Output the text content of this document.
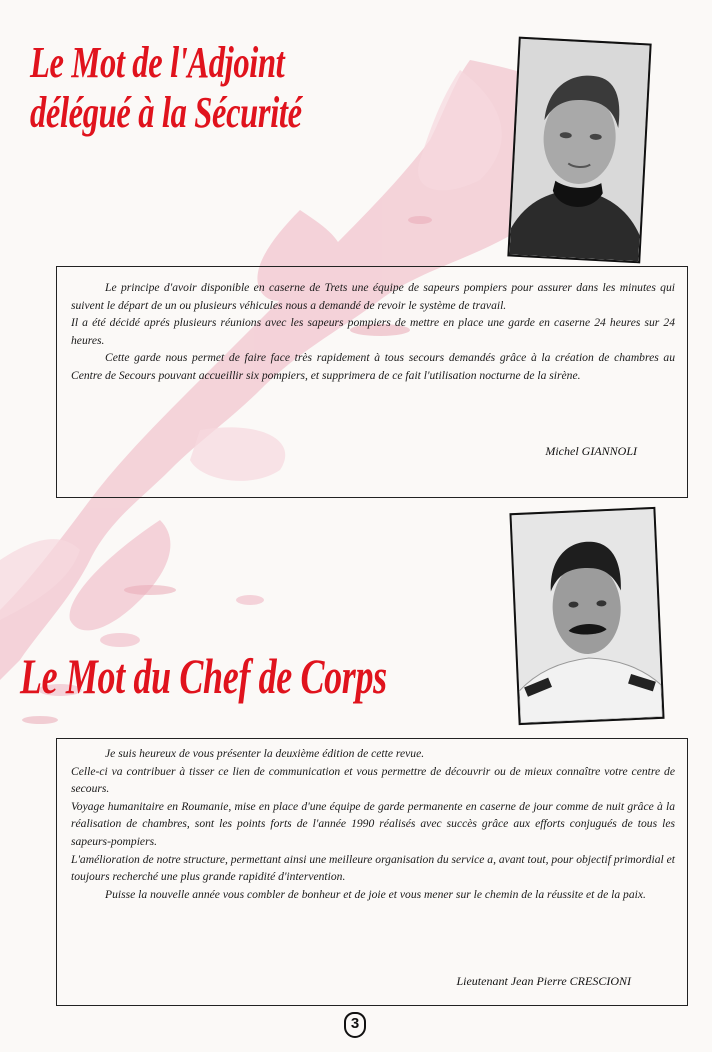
Le Mot de l'Adjoint
délégué à la Sécurité

Le principe d'avoir disponible en caserne de Trets une équipe de sapeurs pompiers pour assurer dans les minutes qui suivent le départ de un ou plusieurs véhicules nous a demandé de revoir le système de travail.

Il a été décidé aprés plusieurs réunions avec les sapeurs pompiers de mettre en place une garde en caserne 24 heures sur 24 heures.

Cette garde nous permet de faire face très rapidement à tous secours demandés grâce à la création de chambres au Centre de Secours pouvant accueillir six pompiers, et supprimera de ce fait l'utilisation nocturne de la sirène.

Michel GIANNOLI
Le Mot du Chef de Corps

Je suis heureux de vous présenter la deuxième édition de cette revue.

Celle-ci va contribuer à tisser ce lien de communication et vous permettre de découvrir ou de mieux connaître votre centre de secours.

Voyage humanitaire en Roumanie, mise en place d'une équipe de garde permanente en caserne de jour comme de nuit grâce à la réalisation de chambres, sont les points forts de l'année 1990 réalisés avec succès grâce aux efforts conjugués de tous les sapeurs-pompiers.

L'amélioration de notre structure, permettant ainsi une meilleure organisation du service a, avant tout, pour objectif primordial et toujours recherché une plus grande rapidité d'intervention.

Puisse la nouvelle année vous combler de bonheur et de joie et vous mener sur le chemin de la réussite et de la paix.

Lieutenant Jean Pierre CRESCIONI
3
